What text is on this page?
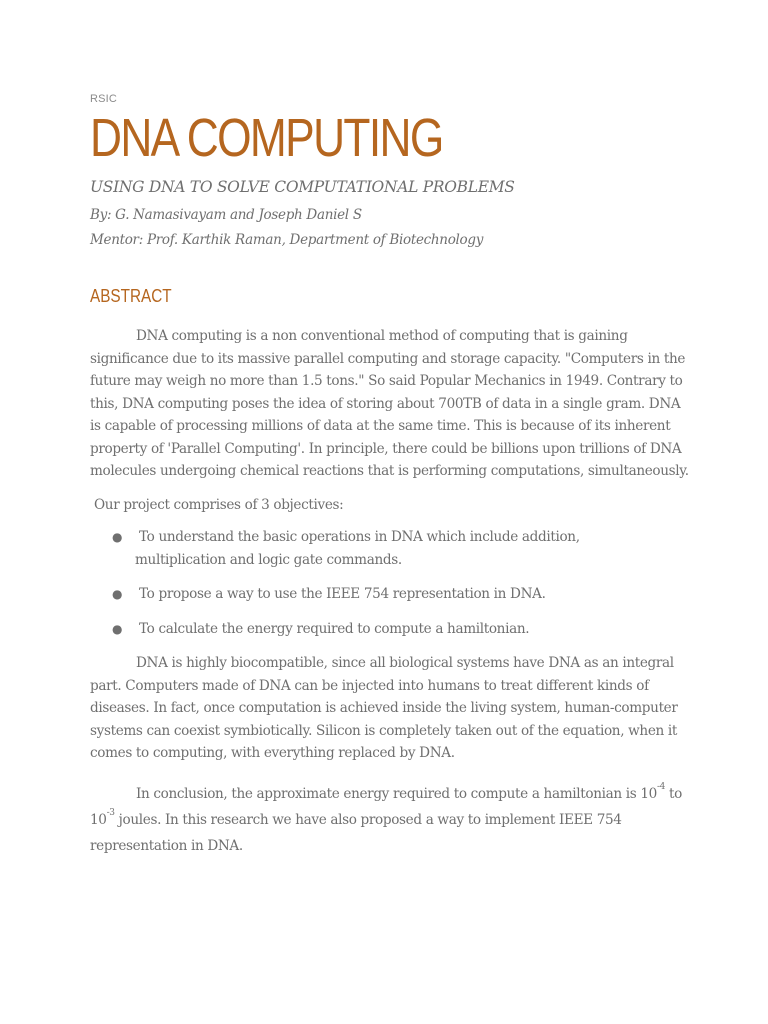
RSIC

DNA COMPUTING

USING DNA TO SOLVE COMPUTATIONAL PROBLEMS

By: G. Namasivayam and Joseph Daniel S

Mentor: Prof. Karthik Raman, Department of Biotechnology

ABSTRACT

DNA computing is a non conventional method of computing that is gaining significance due to its massive parallel computing and storage capacity. "Computers in the future may weigh no more than 1.5 tons." So said Popular Mechanics in 1949. Contrary to this, DNA computing poses the idea of storing about 700TB of data in a single gram. DNA is capable of processing millions of data at the same time. This is because of its inherent property of 'Parallel Computing'. In principle, there could be billions upon trillions of DNA molecules undergoing chemical reactions that is performing computations, simultaneously.

Our project comprises of 3 objectives:

● To understand the basic operations in DNA which include addition, multiplication and logic gate commands.
● To propose a way to use the IEEE 754 representation in DNA.
● To calculate the energy required to compute a hamiltonian.

DNA is highly biocompatible, since all biological systems have DNA as an integral part. Computers made of DNA can be injected into humans to treat different kinds of diseases. In fact, once computation is achieved inside the living system, human-computer systems can coexist symbiotically. Silicon is completely taken out of the equation, when it comes to computing, with everything replaced by DNA.

In conclusion, the approximate energy required to compute a hamiltonian is $10^{-4}$ to $10^{-3}$ joules. In this research we have also proposed a way to implement IEEE 754 representation in DNA.
